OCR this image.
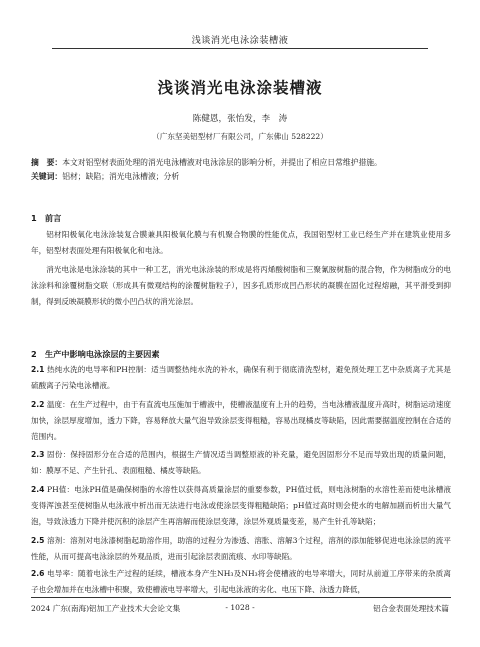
浅谈消光电泳涂装槽液
浅谈消光电泳涂装槽液
陈健恩，张怡发，李　涛
（广东坚美铝型材厂有限公司，广东佛山 528222）
摘　要：本文对铝型材表面处理的消光电泳槽液对电泳涂层的影响分析，并提出了相应日常维护措施。
关键词：铝材；缺陷；消光电泳槽液；分析
1　前言

铝材阳极氧化电泳涂装复合膜兼具阳极氧化膜与有机聚合物膜的性能优点，我国铝型材工业已经生产并在建筑业使用多年，铝型材表面处理有阳极氧化和电泳。

消光电泳是电泳涂装的其中一种工艺，消光电泳涂装的形成是将丙烯酸树脂和三聚氰胺树脂的混合物，作为树脂成分的电泳涂料和涂覆树脂交联（形成具有微观结构的涂覆树脂粒子），因多孔质形成凹凸形状的凝膜在固化过程熔融，其平滑受到抑制，得到反映凝膜形状的微小凹凸状的消光涂层。

2　生产中影响电泳涂层的主要因素

2.1 热纯水洗的电导率和PH控制：适当调整热纯水洗的补水，确保有利于彻底清洗型材，避免预处理工艺中杂质离子尤其是硫酸离子污染电泳槽液。

2.2 温度：在生产过程中，由于有直流电压施加于槽液中，使槽液温度有上升的趋势，当电泳槽液温度升高时，树脂运动速度加快，涂层厚度增加，透力下降，容易释放大量气泡导致涂层变得粗糙，容易出现橘皮等缺陷，因此需要据温度控制在合适的范围内。

2.3 固份：保持固形分在合适的范围内，根据生产情况适当调整原液的补充量，避免因固形分不足而导致出现的质量问题，如：膜厚不足、产生针孔、表面粗糙、橘皮等缺陷。

2.4 PH值：电泳PH值是确保树脂的水溶性以获得高质量涂层的重要参数，PH值过低，则电泳树脂的水溶性差而使电泳槽液变得浑浊甚至使树脂从电泳液中析出而无法进行电泳或使涂层变得粗糙缺陷；pH值过高时则会使水的电解加剧而析出大量气泡，导致泳透力下降并使沉积的涂层产生再溶解而使涂层变薄，涂层外观质量变差，易产生针孔等缺陷；

2.5 溶剂：溶剂对电泳漆树脂起助溶作用，助溶的过程分为渗透、溶胀、溶解3个过程，溶剂的添加能够促进电泳涂层的流平性能，从而可提高电泳涂层的外观品质，进而引起涂层表面流痕、水印等缺陷。

2.6 电导率：随着电泳生产过程的延续，槽液本身产生NH₃及NH₃将会使槽液的电导率增大，同时从前道工序带来的杂质离子也会增加并在电泳槽中积聚，致使槽液电导率增大，引起电泳液的劣化、电压下降、泳透力降低，

2024 广东(南海)铝加工产业技术大会论文集	- 1028 -	铝合金表面处理技术篇
